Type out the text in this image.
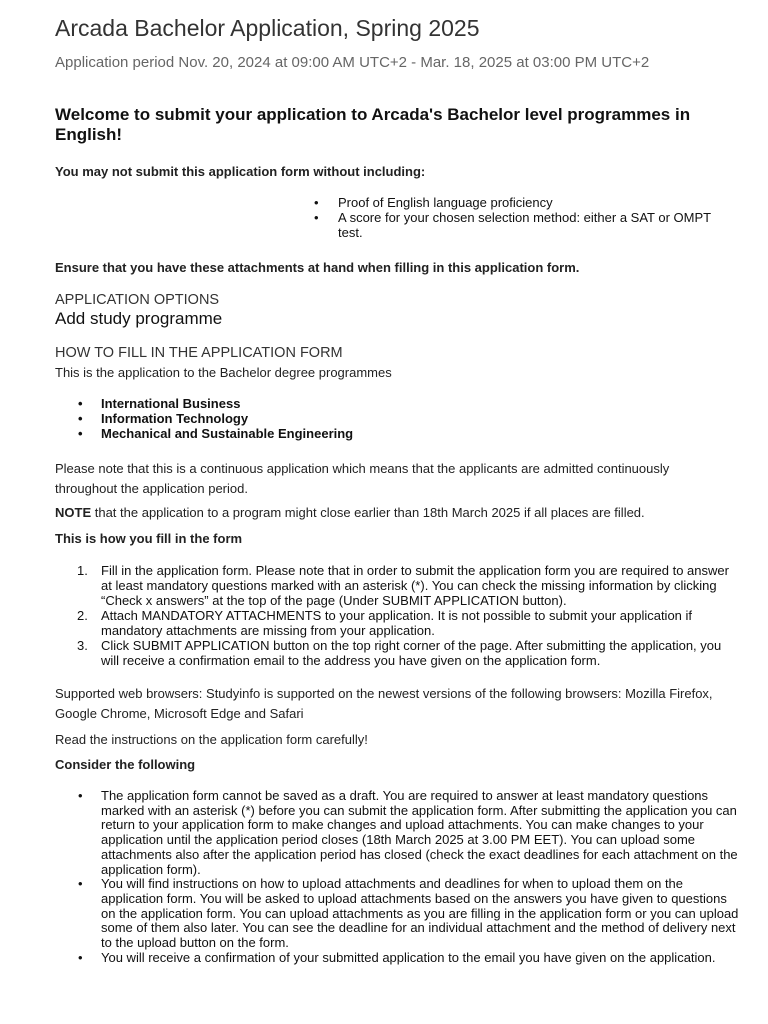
Arcada Bachelor Application, Spring 2025
Application period Nov. 20, 2024 at 09:00 AM UTC+2 - Mar. 18, 2025 at 03:00 PM UTC+2
Welcome to submit your application to Arcada's Bachelor level programmes in English!
You may not submit this application form without including:
• Proof of English language proficiency
• A score for your chosen selection method: either a SAT or OMPT test.
Ensure that you have these attachments at hand when filling in this application form.
APPLICATION OPTIONS
Add study programme
HOW TO FILL IN THE APPLICATION FORM
This is the application to the Bachelor degree programmes
• International Business
• Information Technology
• Mechanical and Sustainable Engineering

Please note that this is a continuous application which means that the applicants are admitted continuously throughout the application period.

NOTE that the application to a program might close earlier than 18th March 2025 if all places are filled.

This is how you fill in the form

1. Fill in the application form. Please note that in order to submit the application form you are required to answer at least mandatory questions marked with an asterisk (*). You can check the missing information by clicking “Check x answers” at the top of the page (Under SUBMIT APPLICATION button).
2. Attach MANDATORY ATTACHMENTS to your application. It is not possible to submit your application if mandatory attachments are missing from your application.
3. Click SUBMIT APPLICATION button on the top right corner of the page. After submitting the application, you will receive a confirmation email to the address you have given on the application form.

Supported web browsers: Studyinfo is supported on the newest versions of the following browsers: Mozilla Firefox, Google Chrome, Microsoft Edge and Safari

Read the instructions on the application form carefully!

Consider the following

• The application form cannot be saved as a draft. You are required to answer at least mandatory questions marked with an asterisk (*) before you can submit the application form. After submitting the application you can return to your application form to make changes and upload attachments. You can make changes to your application until the application period closes (18th March 2025 at 3.00 PM EET). You can upload some attachments also after the application period has closed (check the exact deadlines for each attachment on the application form).
• You will find instructions on how to upload attachments and deadlines for when to upload them on the application form. You will be asked to upload attachments based on the answers you have given to questions on the application form. You can upload attachments as you are filling in the application form or you can upload some of them also later. You can see the deadline for an individual attachment and the method of delivery next to the upload button on the form.
• You will receive a confirmation of your submitted application to the email you have given on the application.
